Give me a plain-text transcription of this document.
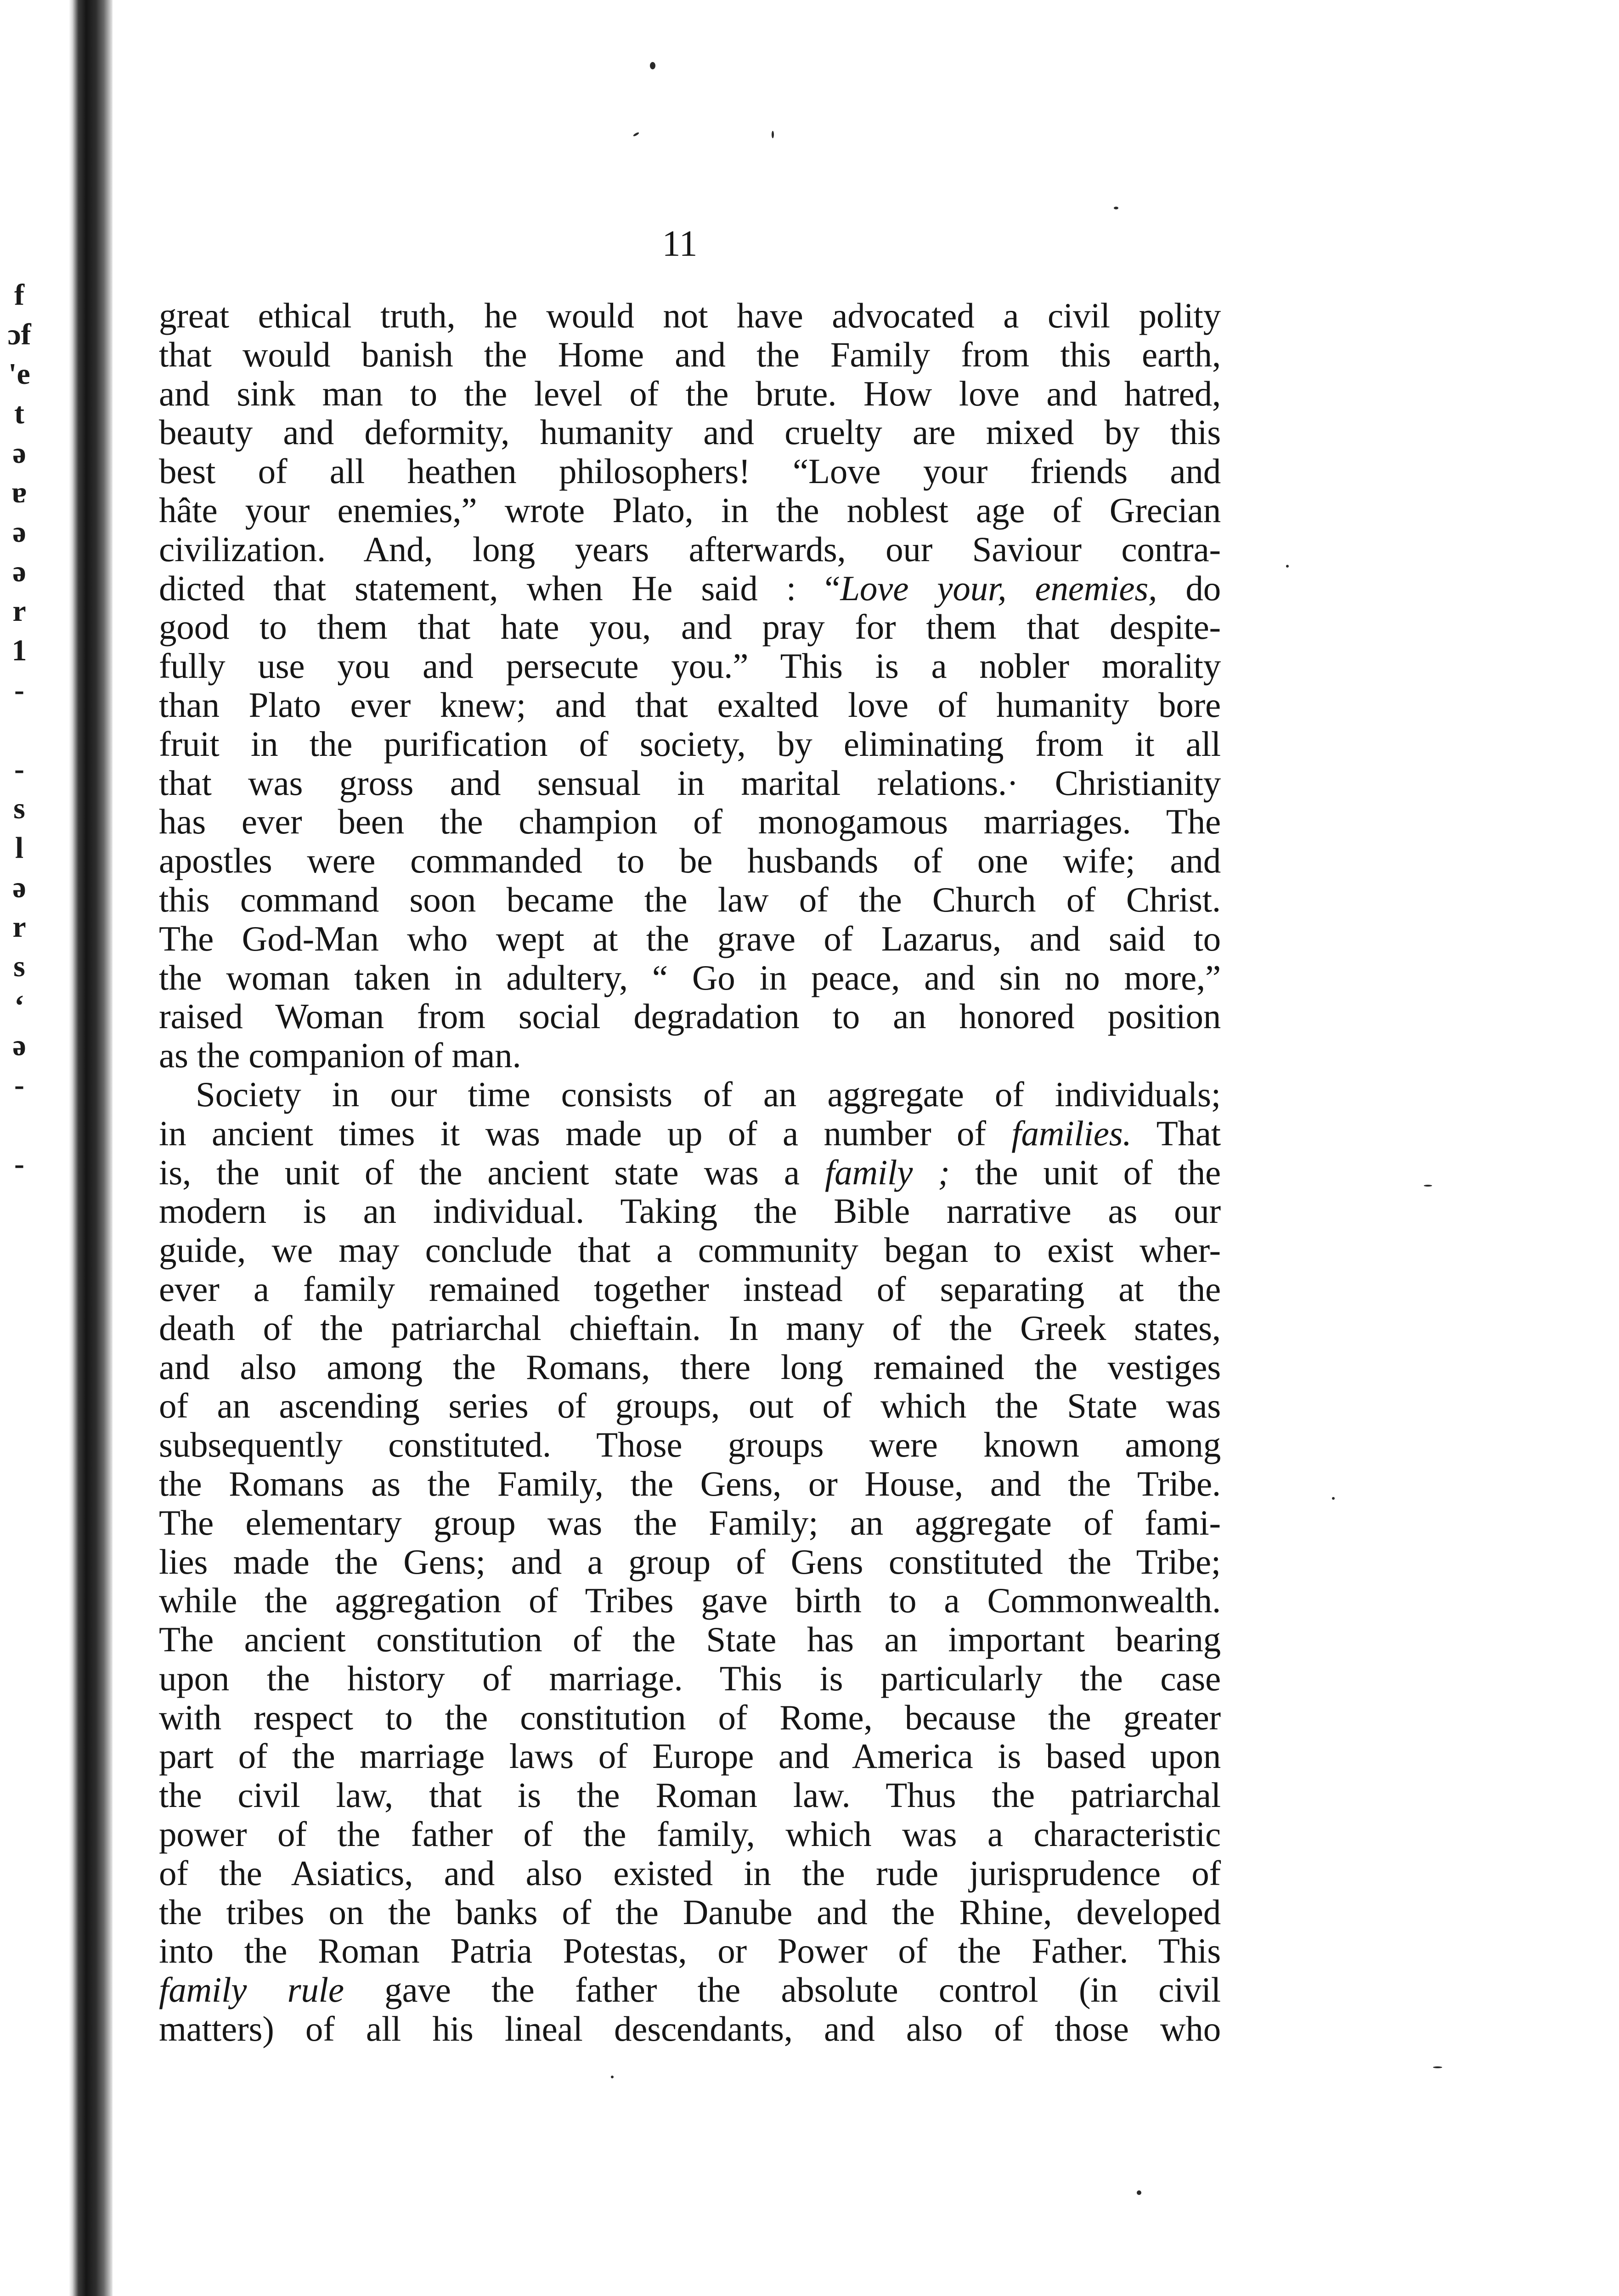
f
ɔf
'e
t
ə
ɐ
ə
ə
r
1
-
-
s
l
ə
r
s
ʻ
ə
-
-
11
great ethical truth, he would not have advocated a civil polity
that would banish the Home and the Family from this earth,
and sink man to the level of the brute. How love and hatred,
beauty and deformity, humanity and cruelty are mixed by this
best of all heathen philosophers! “Love your friends and
hâte your enemies,” wrote Plato, in the noblest age of Grecian
civilization. And, long years afterwards, our Saviour contra-
dicted that statement, when He said : “Love your, enemies, do
good to them that hate you, and pray for them that despite-
fully use you and persecute you.” This is a nobler morality
than Plato ever knew; and that exalted love of humanity bore
fruit in the purification of society, by eliminating from it all
that was gross and sensual in marital relations.· Christianity
has ever been the champion of monogamous marriages. The
apostles were commanded to be husbands of one wife; and
this command soon became the law of the Church of Christ.
The God-Man who wept at the grave of Lazarus, and said to
the woman taken in adultery, “ Go in peace, and sin no more,”
raised Woman from social degradation to an honored position
as the companion of man.
Society in our time consists of an aggregate of individuals;
in ancient times it was made up of a number of families. That
is, the unit of the ancient state was a family ; the unit of the
modern is an individual. Taking the Bible narrative as our
guide, we may conclude that a community began to exist wher-
ever a family remained together instead of separating at the
death of the patriarchal chieftain. In many of the Greek states,
and also among the Romans, there long remained the vestiges
of an ascending series of groups, out of which the State was
subsequently constituted. Those groups were known among
the Romans as the Family, the Gens, or House, and the Tribe.
The elementary group was the Family; an aggregate of fami-
lies made the Gens; and a group of Gens constituted the Tribe;
while the aggregation of Tribes gave birth to a Commonwealth.
The ancient constitution of the State has an important bearing
upon the history of marriage. This is particularly the case
with respect to the constitution of Rome, because the greater
part of the marriage laws of Europe and America is based upon
the civil law, that is the Roman law. Thus the patriarchal
power of the father of the family, which was a characteristic
of the Asiatics, and also existed in the rude jurisprudence of
the tribes on the banks of the Danube and the Rhine, developed
into the Roman Patria Potestas, or Power of the Father. This
family rule gave the father the absolute control (in civil
matters) of all his lineal descendants, and also of those who
